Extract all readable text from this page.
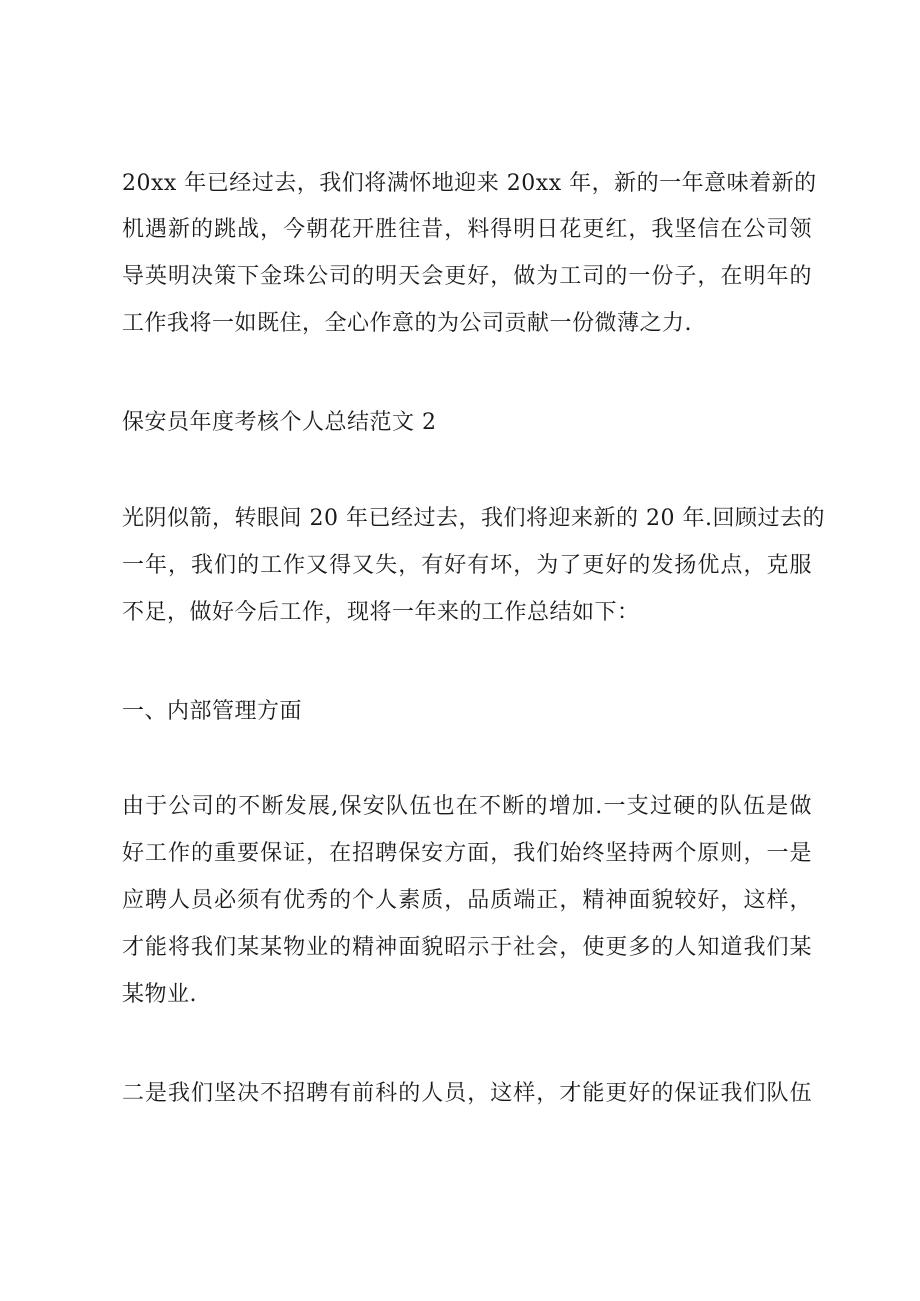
20xx 年已经过去，我们将满怀地迎来 20xx 年，新的一年意味着新的
机遇新的跳战，今朝花开胜往昔，料得明日花更红，我坚信在公司领
导英明决策下金珠公司的明天会更好，做为工司的一份子，在明年的
工作我将一如既住，全心作意的为公司贡献一份微薄之力.
保安员年度考核个人总结范文 2
光阴似箭，转眼间 20 年已经过去，我们将迎来新的 20 年.回顾过去的
一年，我们的工作又得又失，有好有坏，为了更好的发扬优点，克服
不足，做好今后工作，现将一年来的工作总结如下：
一、内部管理方面
由于公司的不断发展,保安队伍也在不断的增加.一支过硬的队伍是做
好工作的重要保证，在招聘保安方面，我们始终坚持两个原则，一是
应聘人员必须有优秀的个人素质，品质端正，精神面貌较好，这样，
才能将我们某某物业的精神面貌昭示于社会，使更多的人知道我们某
某物业.
二是我们坚决不招聘有前科的人员，这样，才能更好的保证我们队伍
